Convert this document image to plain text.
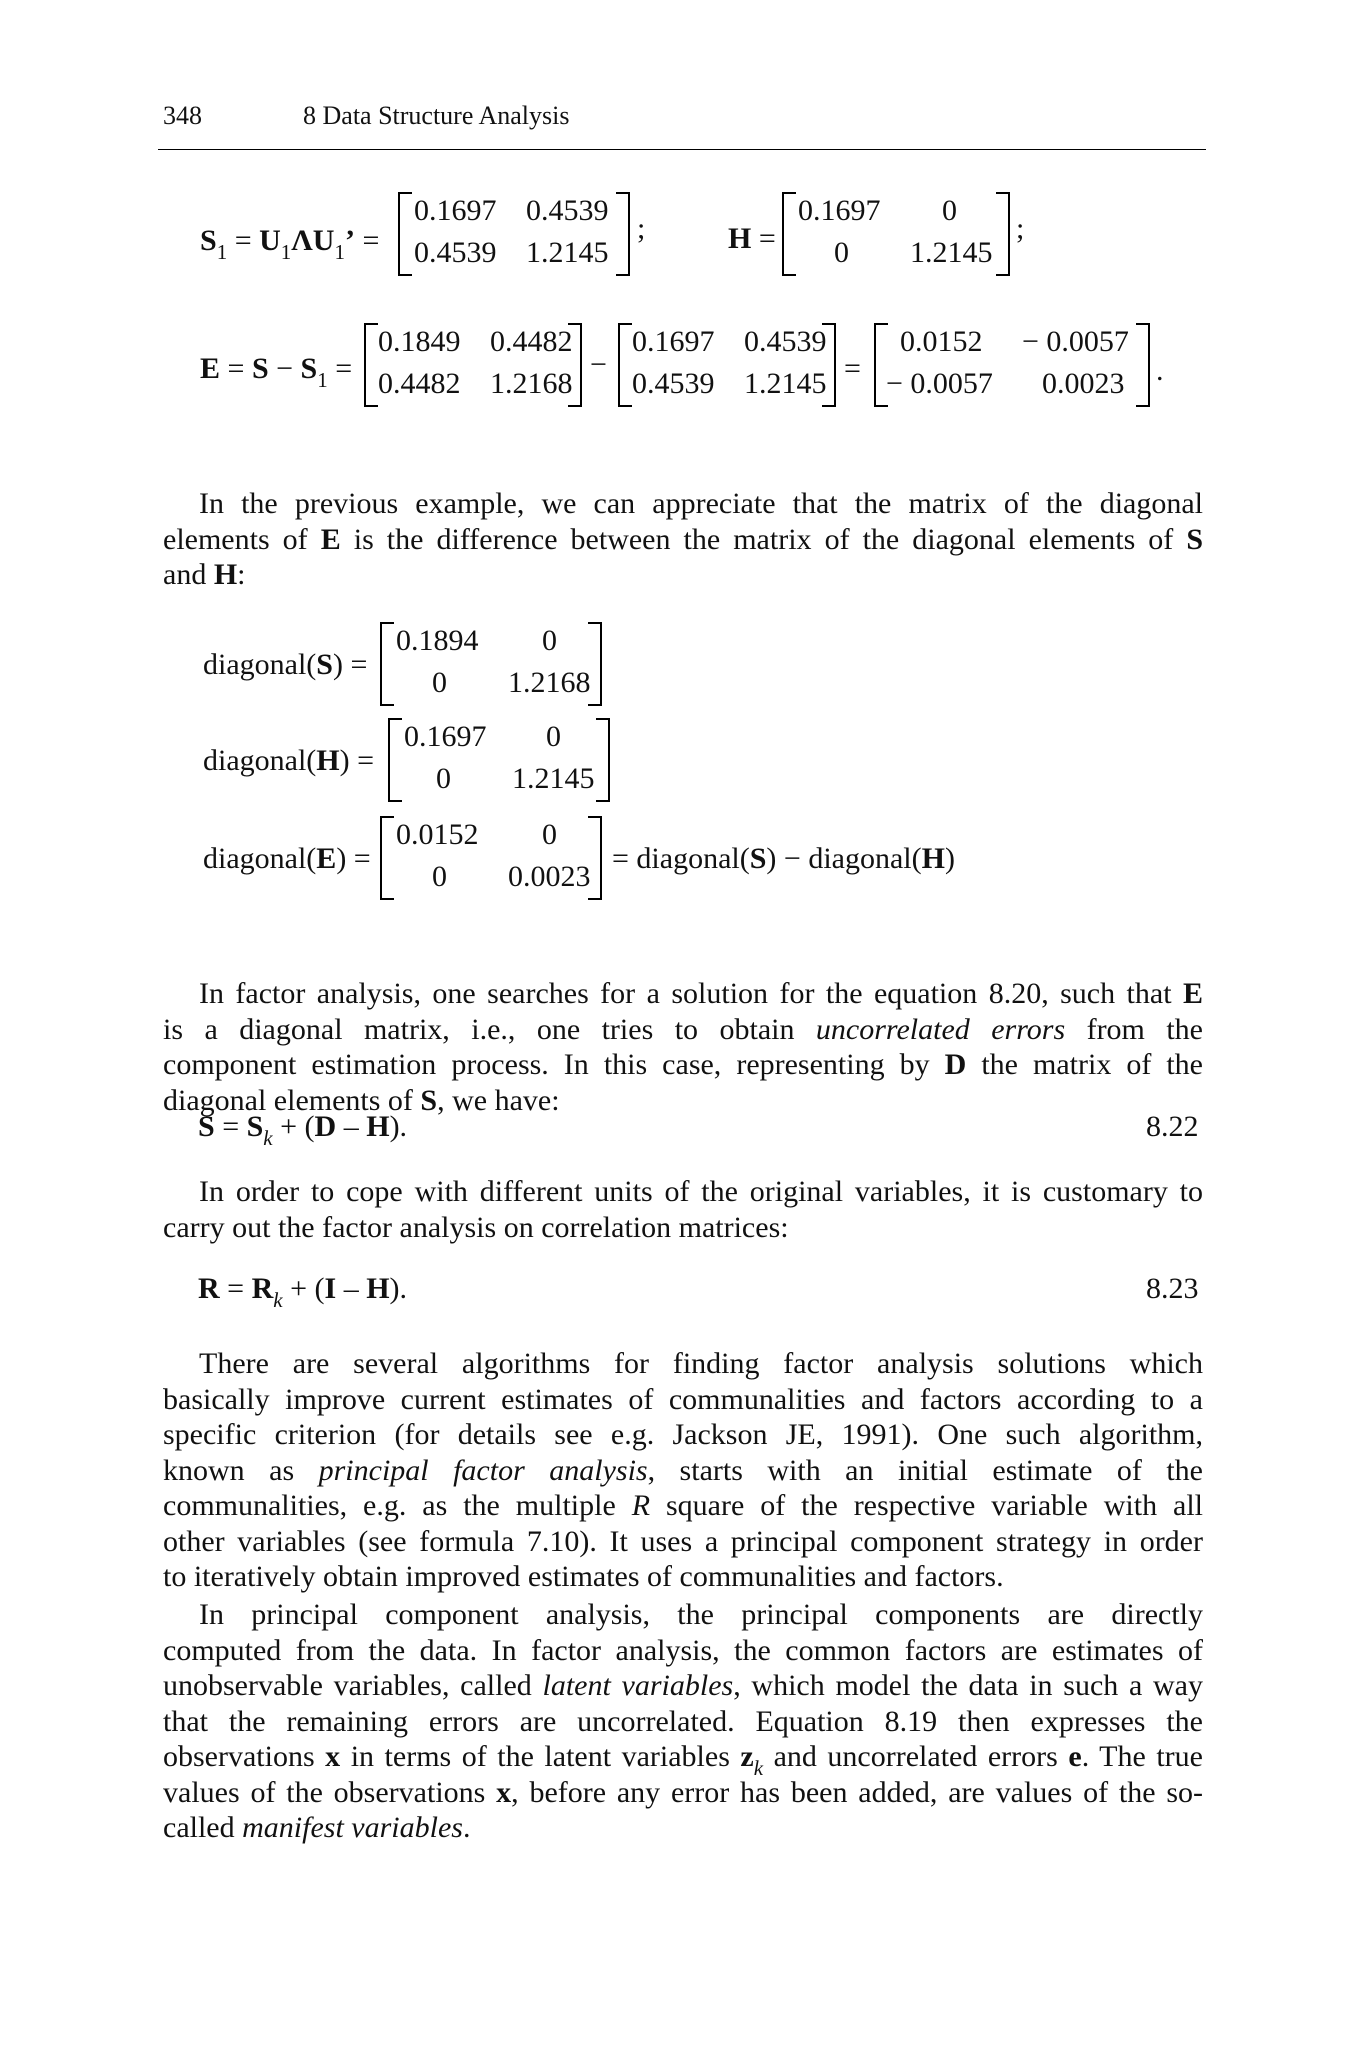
348	8 Data Structure Analysis
$S_1 = U_1\Lambda U_1$’ =
0.1697 0.4539
0.4539 1.2145
;	H =
0.1697 0
0 1.2145
;
$E = S - S_1$ =
0.1849 0.4482
0.4482 1.2168
−
0.1697 0.4539
0.4539 1.2145 =
0.0152 − 0.0057
− 0.0057 0.0023 .
In the previous example, we can appreciate that the matrix of the diagonal
elements of E is the difference between the matrix of the diagonal elements of S
and H:
diagonal(S) =
0.1894 0
0 1.2168
diagonal(H) =
0.1697 0
0 1.2145
diagonal(E) =
0.0152 0
0 0.0023
= diagonal(S) − diagonal(H)
In factor analysis, one searches for a solution for the equation 8.20, such that E
is a diagonal matrix, i.e., one tries to obtain uncorrelated errors from the
component estimation process. In this case, representing by D the matrix of the
diagonal elements of S, we have:
$S = S_k + (D - H)$.	8.22
In order to cope with different units of the original variables, it is customary to
carry out the factor analysis on correlation matrices:
$R = R_k + (I - H)$.	8.23
There are several algorithms for finding factor analysis solutions which
basically improve current estimates of communalities and factors according to a
specific criterion (for details see e.g. Jackson JE, 1991). One such algorithm,
known as principal factor analysis, starts with an initial estimate of the
communalities, e.g. as the multiple R square of the respective variable with all
other variables (see formula 7.10). It uses a principal component strategy in order
to iteratively obtain improved estimates of communalities and factors.
In principal component analysis, the principal components are directly
computed from the data. In factor analysis, the common factors are estimates of
unobservable variables, called latent variables, which model the data in such a way
that the remaining errors are uncorrelated. Equation 8.19 then expresses the
observations x in terms of the latent variables $z_k$ and uncorrelated errors e. The true
values of the observations x, before any error has been added, are values of the so-
called manifest variables.
